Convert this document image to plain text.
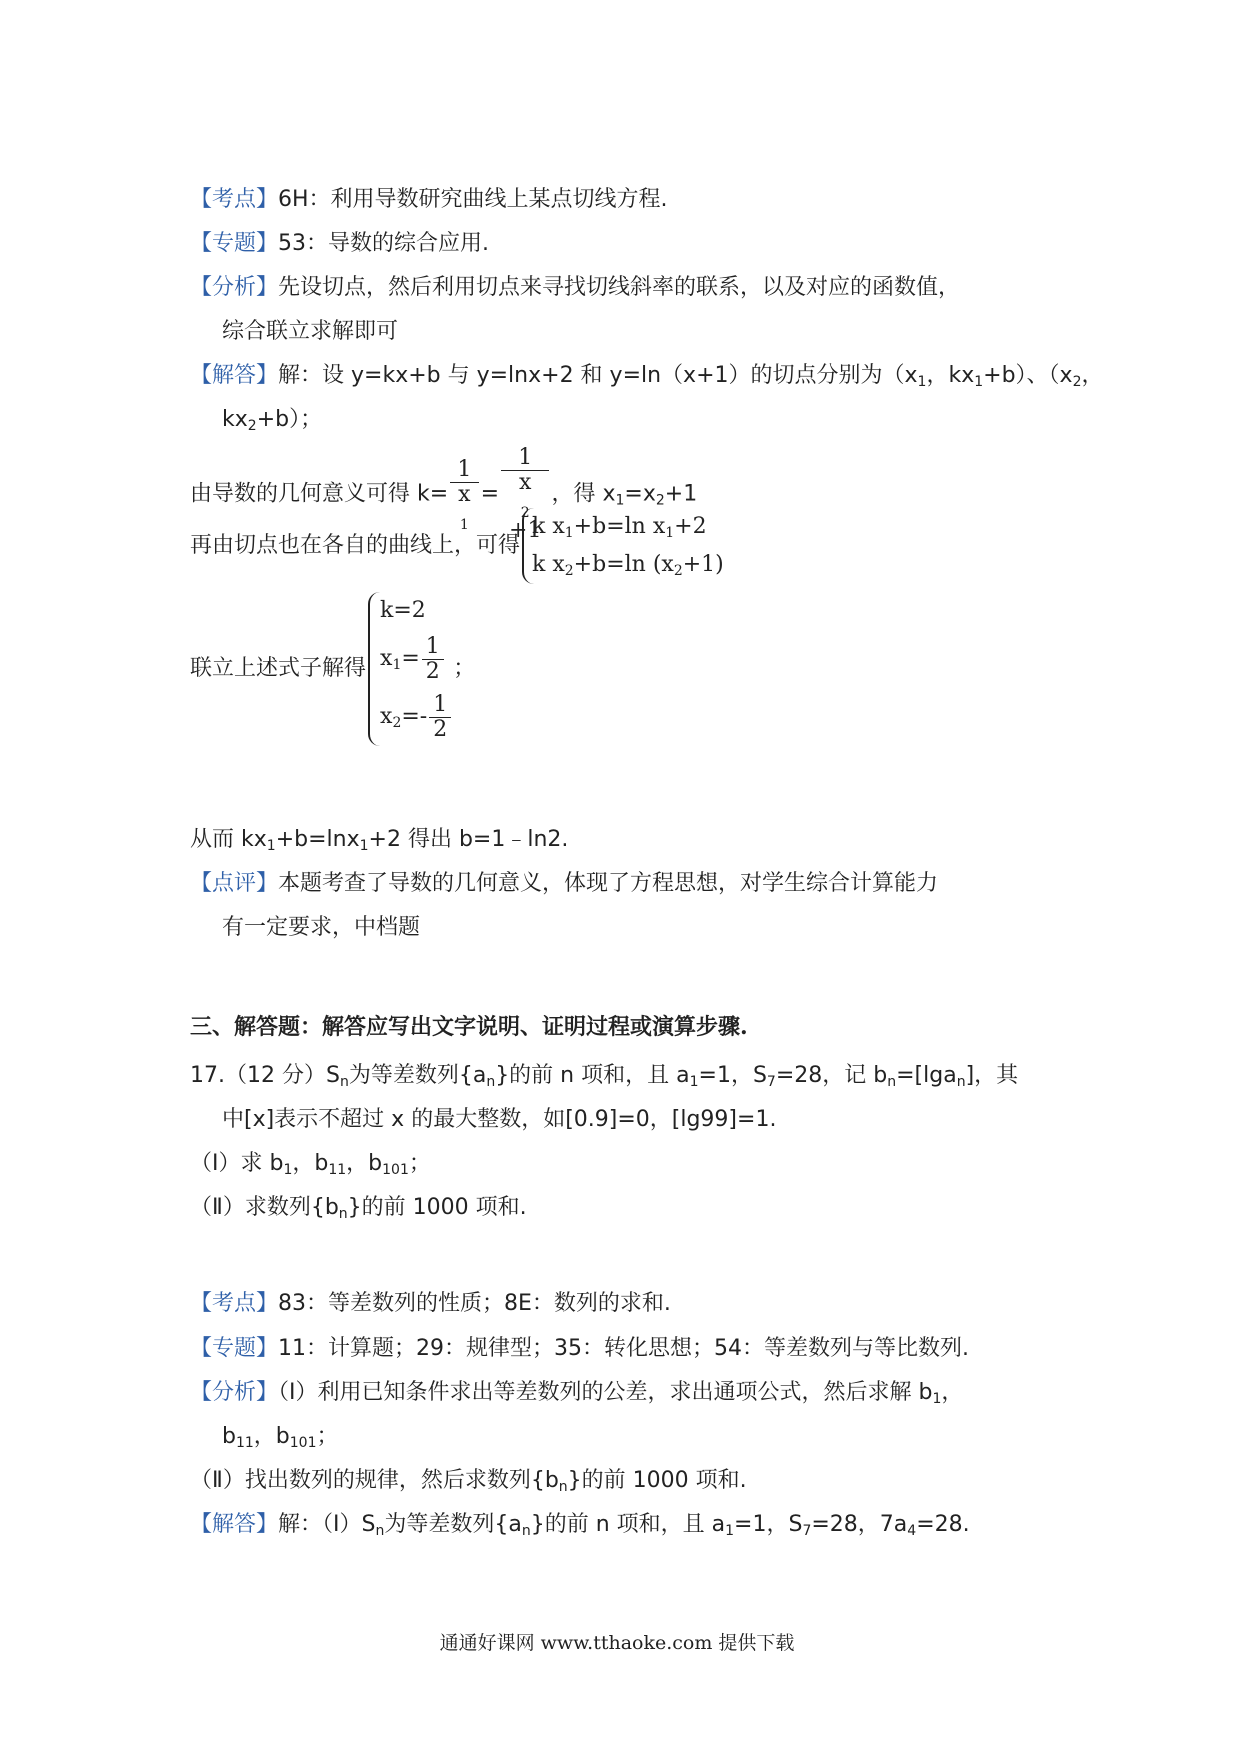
【考点】6H：利用导数研究曲线上某点切线方程.
【专题】53：导数的综合应用.
【分析】先设切点，然后利用切点来寻找切线斜率的联系，以及对应的函数值，
综合联立求解即可
【解答】解：设 y=kx+b 与 y=lnx+2 和 y=ln（x+1）的切点分别为（$x_1$，$kx_1+b$）、（$x_2$，
$kx_2+b$）；
由导数的几何意义可得 k= 1
x
$_1$ = 1
x
$_2$
+1 ，得 $x_1=x_2+1$
再由切点也在各自的曲线上，可得
k $x_1+b=\ln$ $x_1+2$
k $x_2+b=\ln$ $(x_2+1)$
联立上述式子解得
k=2
$x_1= \frac{1}{2}$
$x_2=- \frac{1}{2}$
；
从而 $kx_1+b=\ln x_1+2$ 得出 b=1﹣ln2.
【点评】本题考查了导数的几何意义，体现了方程思想，对学生综合计算能力
有一定要求，中档题
三、解答题：解答应写出文字说明、证明过程或演算步骤.
17.（12 分）$S_n$为等差数列$\{a_n\}$的前 n 项和，且 $a_1=1$，$S_7=28$，记 $b_n=[\lg a_n]$，其
中[x]表示不超过 x 的最大整数，如[0.9]=0，[lg99]=1.
（Ⅰ）求 $b_1$，$b_{11}$，$b_{101}$；
（Ⅱ）求数列$\{b_n\}$的前 1000 项和.
【考点】83：等差数列的性质；8E：数列的求和.
【专题】11：计算题；29：规律型；35：转化思想；54：等差数列与等比数列.
【分析】（Ⅰ）利用已知条件求出等差数列的公差，求出通项公式，然后求解 $b_1$，
$b_{11}$，$b_{101}$；
（Ⅱ）找出数列的规律，然后求数列$\{b_n\}$的前 1000 项和.
【解答】解：$(Ⅰ)S_n$为等差数列$\{a_n\}$的前 n 项和，且 $a_1=1$，$S_7=28$，$7a_4=28$.
通通好课网 www.tthaoke.com 提供下载
